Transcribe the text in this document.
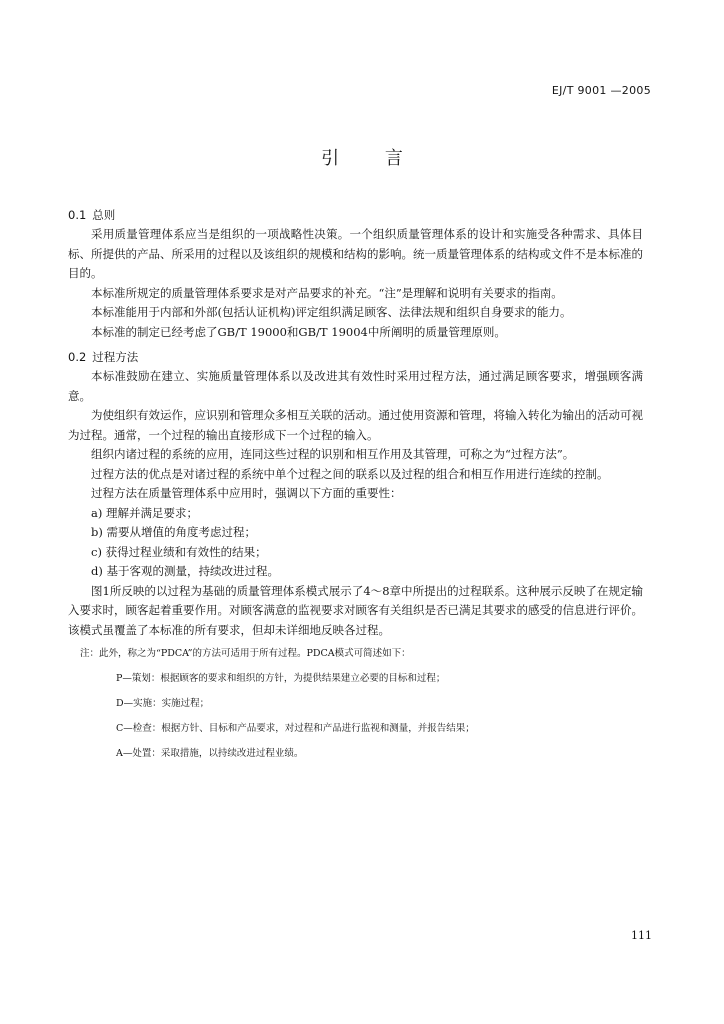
EJ/T 9001 —2005
引 言
0.1 总则

采用质量管理体系应当是组织的一项战略性决策。一个组织质量管理体系的设计和实施受各种需求、具体目标、所提供的产品、所采用的过程以及该组织的规模和结构的影响。统一质量管理体系的结构或文件不是本标准的目的。

本标准所规定的质量管理体系要求是对产品要求的补充。“注”是理解和说明有关要求的指南。

本标准能用于内部和外部(包括认证机构)评定组织满足顾客、法律法规和组织自身要求的能力。

本标准的制定已经考虑了GB/T 19000和GB/T 19004中所阐明的质量管理原则。

0.2 过程方法

本标准鼓励在建立、实施质量管理体系以及改进其有效性时采用过程方法，通过满足顾客要求，增强顾客满意。

为使组织有效运作，应识别和管理众多相互关联的活动。通过使用资源和管理，将输入转化为输出的活动可视为过程。通常，一个过程的输出直接形成下一个过程的输入。

组织内诸过程的系统的应用，连同这些过程的识别和相互作用及其管理，可称之为“过程方法”。

过程方法的优点是对诸过程的系统中单个过程之间的联系以及过程的组合和相互作用进行连续的控制。

过程方法在质量管理体系中应用时，强调以下方面的重要性：

a) 理解并满足要求；

b) 需要从增值的角度考虑过程；

c) 获得过程业绩和有效性的结果；

d) 基于客观的测量，持续改进过程。

图1所反映的以过程为基础的质量管理体系模式展示了4～8章中所提出的过程联系。这种展示反映了在规定输入要求时，顾客起着重要作用。对顾客满意的监视要求对顾客有关组织是否已满足其要求的感受的信息进行评价。该模式虽覆盖了本标准的所有要求，但却未详细地反映各过程。

注：此外，称之为“PDCA”的方法可适用于所有过程。PDCA模式可简述如下：
P—策划：根据顾客的要求和组织的方针，为提供结果建立必要的目标和过程；
D—实施：实施过程；
C—检查：根据方针、目标和产品要求，对过程和产品进行监视和测量，并报告结果；
A—处置：采取措施，以持续改进过程业绩。
111
